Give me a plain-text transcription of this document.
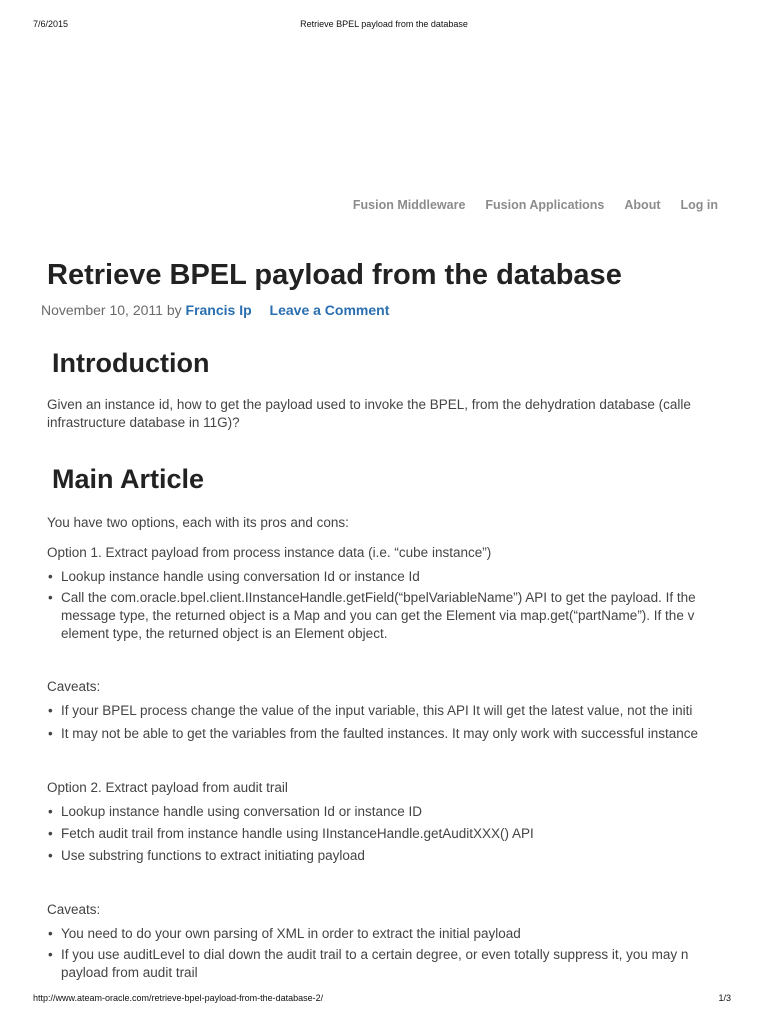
7/6/2015	Retrieve BPEL payload from the database
Fusion Middleware Fusion Applications About Log in
Retrieve BPEL payload from the database
November 10, 2011 by Francis Ip Leave a Comment
Introduction

Given an instance id, how to get the payload used to invoke the BPEL, from the dehydration database (calle
infrastructure database in 11G)?

Main Article

You have two options, each with its pros and cons:

Option 1. Extract payload from process instance data (i.e. “cube instance”)

• Lookup instance handle using conversation Id or instance Id
• Call the com.oracle.bpel.client.IInstanceHandle.getField(“bpelVariableName”) API to get the payload. If the
message type, the returned object is a Map and you can get the Element via map.get(“partName”). If the v
element type, the returned object is an Element object.

Caveats:

• If your BPEL process change the value of the input variable, this API It will get the latest value, not the initi
• It may not be able to get the variables from the faulted instances. It may only work with successful instance

Option 2. Extract payload from audit trail

• Lookup instance handle using conversation Id or instance ID
• Fetch audit trail from instance handle using IInstanceHandle.getAuditXXX() API
• Use substring functions to extract initiating payload

Caveats:

• You need to do your own parsing of XML in order to extract the initial payload
• If you use auditLevel to dial down the audit trail to a certain degree, or even totally suppress it, you may n
payload from audit trail
http://www.ateam-oracle.com/retrieve-bpel-payload-from-the-database-2/	1/3
